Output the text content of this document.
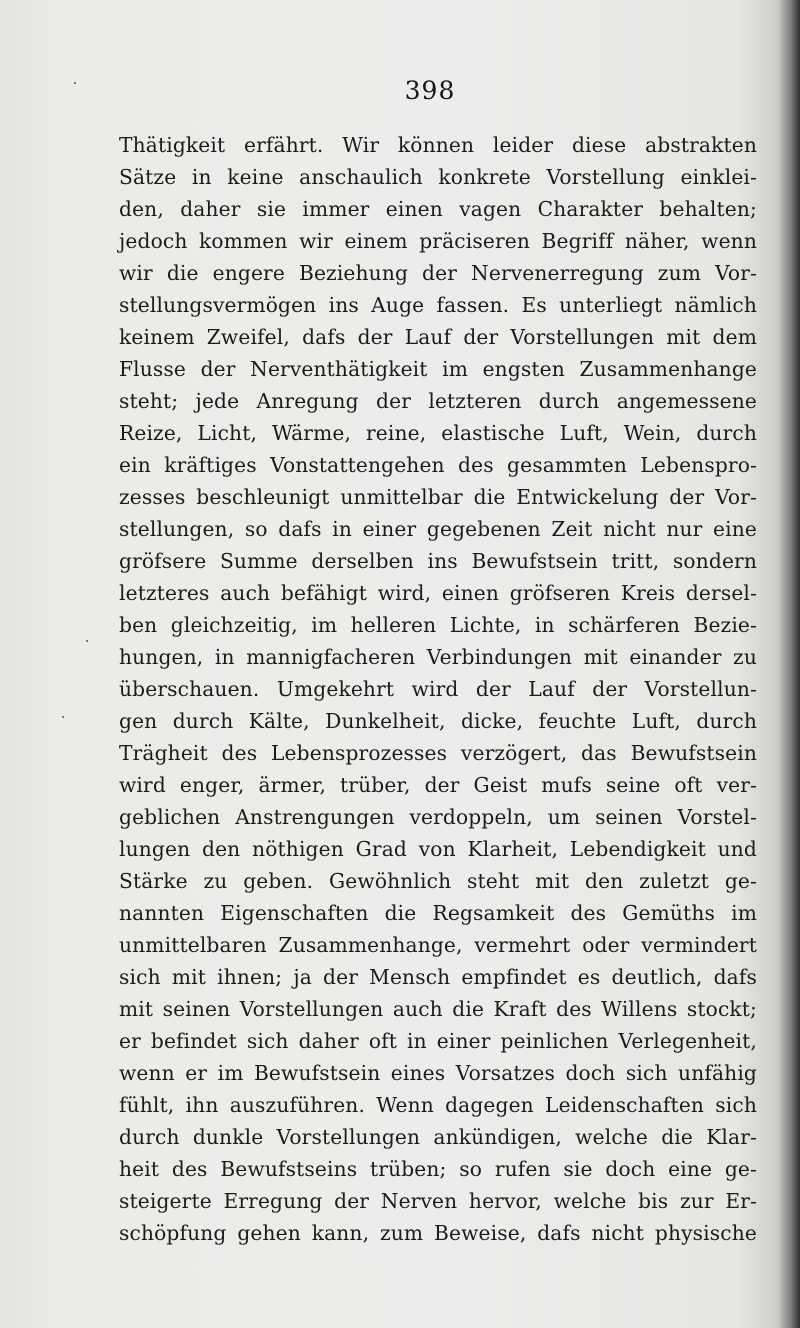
398
Thätigkeit erfährt. Wir können leider diese abstrakten
Sätze in keine anschaulich konkrete Vorstellung einklei-
den, daher sie immer einen vagen Charakter behalten;
jedoch kommen wir einem präciseren Begriff näher, wenn
wir die engere Beziehung der Nervenerregung zum Vor-
stellungsvermögen ins Auge fassen. Es unterliegt nämlich
keinem Zweifel, dafs der Lauf der Vorstellungen mit dem
Flusse der Nerventhätigkeit im engsten Zusammenhange
steht; jede Anregung der letzteren durch angemessene
Reize, Licht, Wärme, reine, elastische Luft, Wein, durch
ein kräftiges Vonstattengehen des gesammten Lebenspro-
zesses beschleunigt unmittelbar die Entwickelung der Vor-
stellungen, so dafs in einer gegebenen Zeit nicht nur eine
gröfsere Summe derselben ins Bewufstsein tritt, sondern
letzteres auch befähigt wird, einen gröfseren Kreis dersel-
ben gleichzeitig, im helleren Lichte, in schärferen Bezie-
hungen, in mannigfacheren Verbindungen mit einander zu
überschauen. Umgekehrt wird der Lauf der Vorstellun-
gen durch Kälte, Dunkelheit, dicke, feuchte Luft, durch
Trägheit des Lebensprozesses verzögert, das Bewufstsein
wird enger, ärmer, trüber, der Geist mufs seine oft ver-
geblichen Anstrengungen verdoppeln, um seinen Vorstel-
lungen den nöthigen Grad von Klarheit, Lebendigkeit und
Stärke zu geben. Gewöhnlich steht mit den zuletzt ge-
nannten Eigenschaften die Regsamkeit des Gemüths im
unmittelbaren Zusammenhange, vermehrt oder vermindert
sich mit ihnen; ja der Mensch empfindet es deutlich, dafs
mit seinen Vorstellungen auch die Kraft des Willens stockt;
er befindet sich daher oft in einer peinlichen Verlegenheit,
wenn er im Bewufstsein eines Vorsatzes doch sich unfähig
fühlt, ihn auszuführen. Wenn dagegen Leidenschaften sich
durch dunkle Vorstellungen ankündigen, welche die Klar-
heit des Bewufstseins trüben; so rufen sie doch eine ge-
steigerte Erregung der Nerven hervor, welche bis zur Er-
schöpfung gehen kann, zum Beweise, dafs nicht physische
